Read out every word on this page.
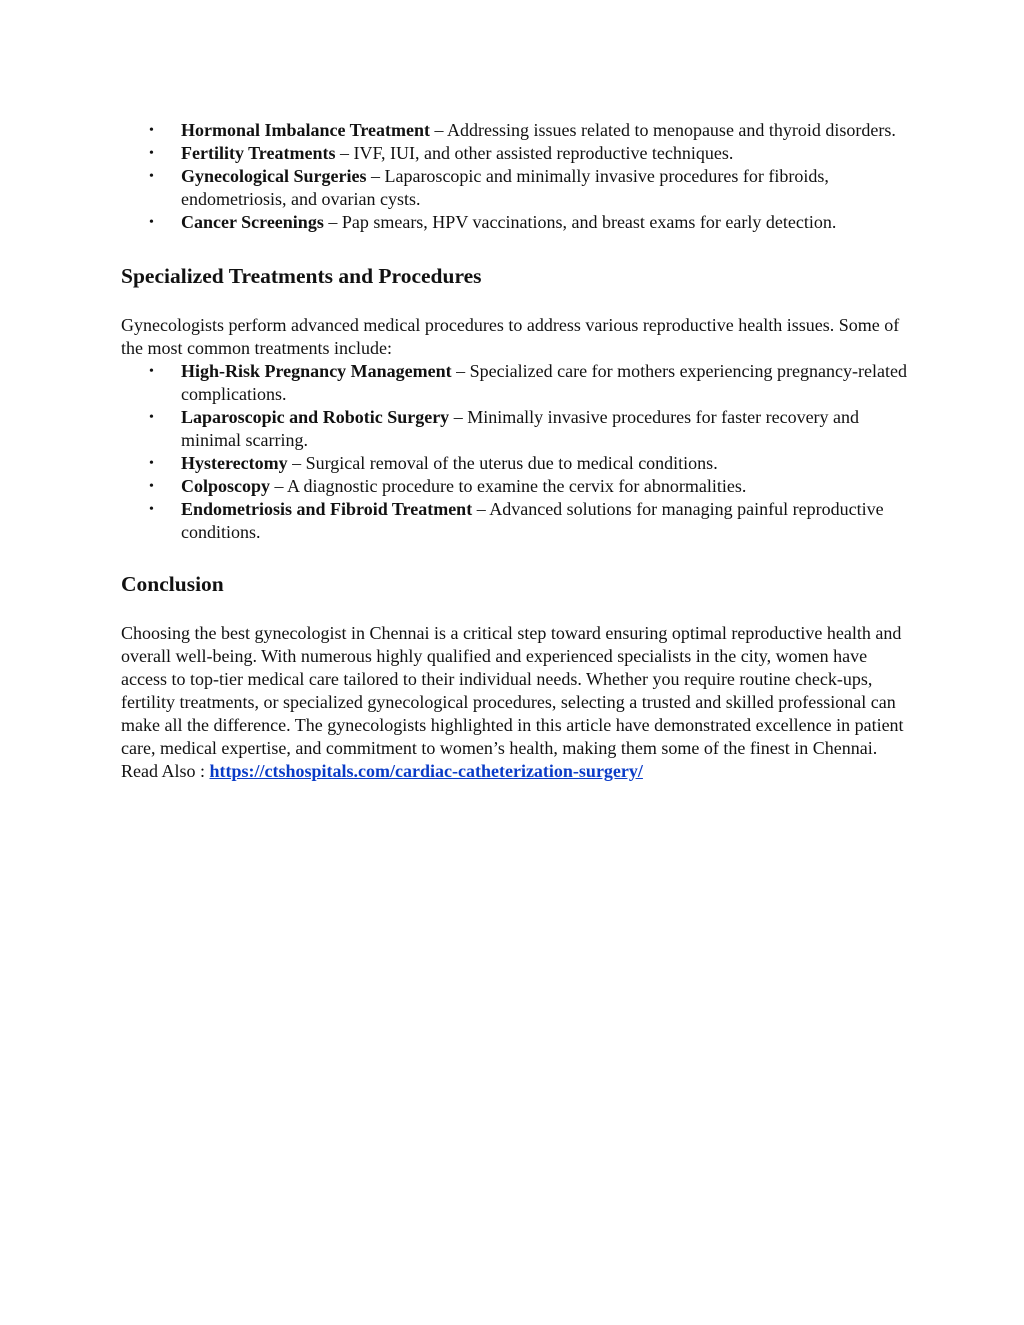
• Hormonal Imbalance Treatment – Addressing issues related to menopause and thyroid disorders.
• Fertility Treatments – IVF, IUI, and other assisted reproductive techniques.
• Gynecological Surgeries – Laparoscopic and minimally invasive procedures for fibroids, endometriosis, and ovarian cysts.
• Cancer Screenings – Pap smears, HPV vaccinations, and breast exams for early detection.
Specialized Treatments and Procedures

Gynecologists perform advanced medical procedures to address various reproductive health issues. Some of the most common treatments include:

• High-Risk Pregnancy Management – Specialized care for mothers experiencing pregnancy-related complications.
• Laparoscopic and Robotic Surgery – Minimally invasive procedures for faster recovery and minimal scarring.
• Hysterectomy – Surgical removal of the uterus due to medical conditions.
• Colposcopy – A diagnostic procedure to examine the cervix for abnormalities.
• Endometriosis and Fibroid Treatment – Advanced solutions for managing painful reproductive conditions.
Conclusion

Choosing the best gynecologist in Chennai is a critical step toward ensuring optimal reproductive health and overall well-being. With numerous highly qualified and experienced specialists in the city, women have access to top-tier medical care tailored to their individual needs. Whether you require routine check-ups, fertility treatments, or specialized gynecological procedures, selecting a trusted and skilled professional can make all the difference. The gynecologists highlighted in this article have demonstrated excellence in patient care, medical expertise, and commitment to women’s health, making them some of the finest in Chennai. Read Also : https://ctshospitals.com/cardiac-catheterization-surgery/
